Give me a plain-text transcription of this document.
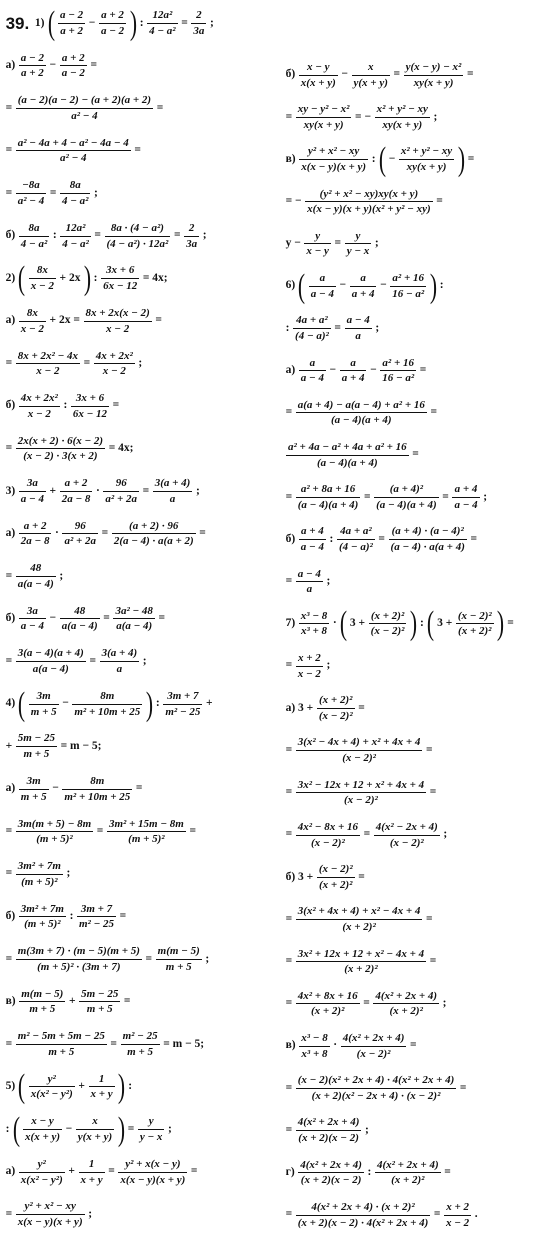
39. 1) ( $\frac{a - 2}{a + 2} - \frac{a + 2}{a - 2}$ ) : $\frac{\text{12a²}}{\text{4 − a²}} = \frac{2}{3a}$ ;
$а) \frac{a - 2}{a + 2} - \frac{a + 2}{a - 2}$ =
= $\frac{(a - 2)(a - 2) - (a + 2)(a + 2)}{\text{a² − 4}}$ =
= $\frac{\text{a² − 4a + 4 − a² − 4a − 4}}{\text{a² − 4}}$ =
= $\frac{-8a}{\text{a² − 4}} = \frac{8a}{\text{4 − a²}}$ ;
$б) \frac{8a}{\text{4 − a²}}$ : $\frac{\text{12a²}}{\text{4 − a²}} = \frac{\text{8a · (4 − a²)}}{\text{(4 − a²) · 12a²}} = \frac{2}{3a}$ ;
2) ( $\frac{8x}{x - 2} + 2x$ ) : $\frac{3x + 6}{6x - 12} = 4x$;
$а) \frac{8x}{x - 2} + 2x = \frac{8x + 2x(x - 2)}{x - 2}$ =
= $\frac{\text{8x + 2x² − 4x}}{x - 2} = \frac{\text{4x + 2x²}}{x - 2}$ ;
$б) \frac{\text{4x + 2x²}}{x - 2}$ : $\frac{3x + 6}{6x - 12}$ =
= $\frac{2x(x + 2) \cdot 6(x - 2)}{(x - 2) \cdot 3(x + 2)} = 4x$;
$3) \frac{3a}{a - 4} + \frac{a + 2}{2a - 8} \cdot \frac{96}{\text{a² + 2a}} = \frac{3(a + 4)}{a}$ ;
$а) \frac{a + 2}{2a - 8} \cdot \frac{96}{\text{a² + 2a}} = \frac{(a + 2) \cdot 96}{2(a - 4) \cdot a(a + 2)}$ =
= $\frac{48}{a(a - 4)}$ ;
$б) \frac{3a}{a - 4} - \frac{48}{a(a - 4)} = \frac{\text{3a² − 48}}{a(a - 4)}$ =
= $\frac{3(a - 4)(a + 4)}{a(a - 4)} = \frac{3(a + 4)}{a}$ ;
4) ( $\frac{3m}{m + 5} - \frac{8m}{\text{m² + 10m + 25}}$ ) : $\frac{3m + 7}{\text{m² − 25}}$ +
+ $\frac{5m - 25}{m + 5} = m - 5$;
$а) \frac{3m}{m + 5} - \frac{8m}{\text{m² + 10m + 25}}$ =
= $\frac{3m(m + 5) - 8m}{\text{(m + 5)²}} = \frac{\text{3m² + 15m − 8m}}{\text{(m + 5)²}}$ =
= $\frac{\text{3m² + 7m}}{\text{(m + 5)²}}$ ;
$б) \frac{\text{3m² + 7m}}{\text{(m + 5)²}}$ : $\frac{3m + 7}{\text{m² − 25}}$ =
= $\frac{m(3m + 7) \cdot (m - 5)(m + 5)}{\text{(m + 5)² · (3m + 7)}} = \frac{m(m - 5)}{m + 5}$ ;
$в) \frac{m(m - 5)}{m + 5} + \frac{5m - 25}{m + 5}$ =
= $\frac{\text{m² − 5m + 5m − 25}}{m + 5} = \frac{\text{m² − 25}}{m + 5} = m - 5$;
5) ( $\frac{\text{y²}}{\text{x(x² − y²)}} + \frac{1}{x + y}$ ) :
: ( $\frac{x - y}{x(x + y)} - \frac{x}{y(x + y)}$ ) = $\frac{y}{y - x}$ ;
$а) \frac{\text{y²}}{\text{x(x² − y²)}} + \frac{1}{x + y} = \frac{\text{y² + x(x − y)}}{x(x - y)(x + y)}$ =
= $\frac{\text{y² + x² − xy}}{x(x - y)(x + y)}$ ;
$б) \frac{x - y}{x(x + y)} - \frac{x}{y(x + y)} = \frac{\text{y(x − y) − x²}}{xy(x + y)}$ =
= $\frac{\text{xy − y² − x²}}{xy(x + y)}$ = − $\frac{\text{x² + y² − xy}}{xy(x + y)}$ ;
$в) \frac{\text{y² + x² − xy}}{x(x - y)(x + y)}$ : ( − $\frac{\text{x² + y² − xy}}{xy(x + y)}$ ) =
= − $\frac{\text{(y² + x² − xy)xy(x + y)}}{\text{x(x − y)(x + y)(x² + y² − xy)}}$ =
$y - \frac{y}{x - y} = \frac{y}{y - x}$ ;
6) ( $\frac{a}{a - 4} - \frac{a}{a + 4} - \frac{\text{a² + 16}}{\text{16 − a²}}$ ) :
: $\frac{\text{4a + a²}}{\text{(4 − a)²}} = \frac{a - 4}{a}$ ;
$а) \frac{a}{a - 4} - \frac{a}{a + 4} - \frac{\text{a² + 16}}{\text{16 − a²}}$ =
= $\frac{\text{a(a + 4) − a(a − 4) + a² + 16}}{(a - 4)(a + 4)}$ =
$\frac{\text{a² + 4a − a² + 4a + a² + 16}}{(a - 4)(a + 4)}$ =
= $\frac{\text{a² + 8a + 16}}{(a - 4)(a + 4)} = \frac{\text{(a + 4)²}}{(a - 4)(a + 4)} = \frac{a + 4}{a - 4}$ ;
$б) \frac{a + 4}{a - 4}$ : $\frac{\text{4a + a²}}{\text{(4 − a)²}} = \frac{\text{(a + 4) · (a − 4)²}}{(a - 4) \cdot a(a + 4)}$ =
= $\frac{a - 4}{a}$ ;
$7) \frac{\text{x³ − 8}}{\text{x³ + 8}}$ · ( $3 + \frac{\text{(x + 2)²}}{\text{(x − 2)²}}$ ) : ( $3 + \frac{\text{(x − 2)²}}{\text{(x + 2)²}}$ ) =
= $\frac{x + 2}{x - 2}$ ;
а) $3 + \frac{\text{(x + 2)²}}{\text{(x − 2)²}}$ =
= $\frac{\text{3(x² − 4x + 4) + x² + 4x + 4}}{\text{(x − 2)²}}$ =
= $\frac{\text{3x² − 12x + 12 + x² + 4x + 4}}{\text{(x − 2)²}}$ =
= $\frac{\text{4x² − 8x + 16}}{\text{(x − 2)²}} = \frac{\text{4(x² − 2x + 4)}}{\text{(x − 2)²}}$ ;
б) $3 + \frac{\text{(x − 2)²}}{\text{(x + 2)²}}$ =
= $\frac{\text{3(x² + 4x + 4) + x² − 4x + 4}}{\text{(x + 2)²}}$ =
= $\frac{\text{3x² + 12x + 12 + x² − 4x + 4}}{\text{(x + 2)²}}$ =
= $\frac{\text{4x² + 8x + 16}}{\text{(x + 2)²}} = \frac{\text{4(x² + 2x + 4)}}{\text{(x + 2)²}}$ ;
$в) \frac{\text{x³ − 8}}{\text{x³ + 8}} \cdot \frac{\text{4(x² + 2x + 4)}}{\text{(x − 2)²}}$ =
= $\frac{\text{(x − 2)(x² + 2x + 4) · 4(x² + 2x + 4)}}{\text{(x + 2)(x² − 2x + 4) · (x − 2)²}}$ =
= $\frac{\text{4(x² + 2x + 4)}}{(x + 2)(x - 2)}$ ;
$г) \frac{\text{4(x² + 2x + 4)}}{(x + 2)(x - 2)}$ : $\frac{\text{4(x² + 2x + 4)}}{\text{(x + 2)²}}$ =
= $\frac{\text{4(x² + 2x + 4) · (x + 2)²}}{\text{(x + 2)(x − 2) · 4(x² + 2x + 4)}} = \frac{x + 2}{x - 2}$ .
